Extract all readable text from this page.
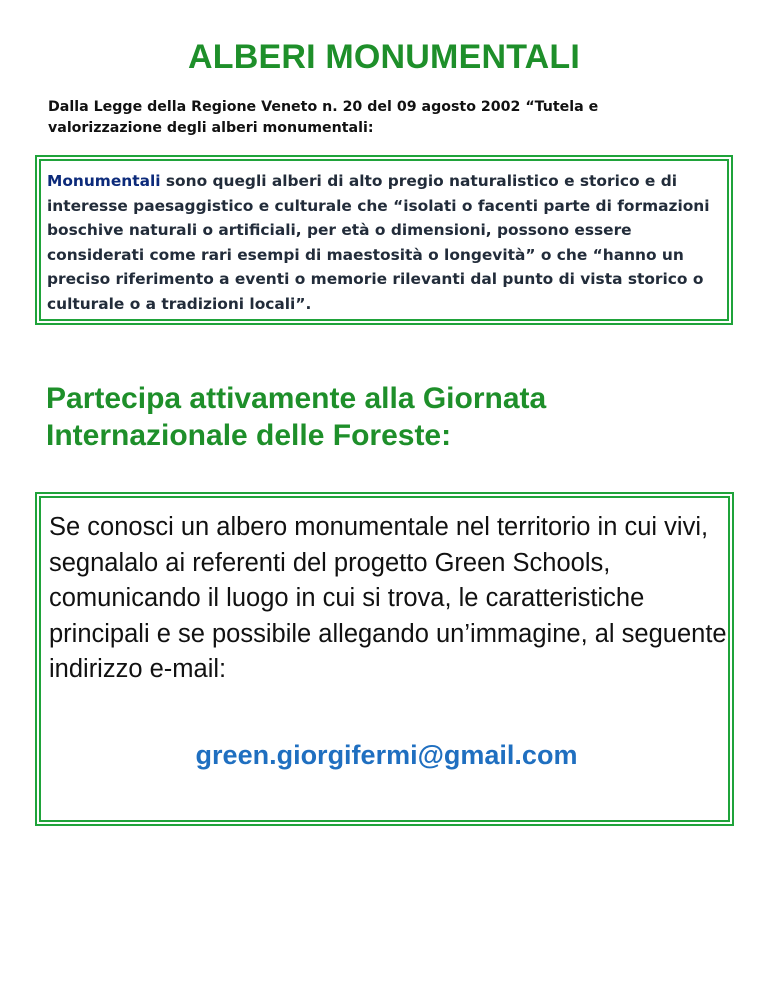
ALBERI MONUMENTALI
Dalla Legge della Regione Veneto n. 20 del 09 agosto 2002 “Tutela e valorizzazione degli alberi monumentali:
Monumentali sono quegli alberi di alto pregio naturalistico e storico e di interesse paesaggistico e culturale che “isolati o facenti parte di formazioni boschive naturali o artificiali, per età o dimensioni, possono essere considerati come rari esempi di maestosità o longevità” o che “hanno un preciso riferimento a eventi o memorie rilevanti dal punto di vista storico o culturale o a tradizioni locali”.
Partecipa attivamente alla Giornata Internazionale delle Foreste:
Se conosci un albero monumentale nel territorio in cui vivi, segnalalo ai referenti del progetto Green Schools, comunicando il luogo in cui si trova, le caratteristiche principali e se possibile allegando un’immagine, al seguente indirizzo e-mail:
green.giorgifermi@gmail.com
